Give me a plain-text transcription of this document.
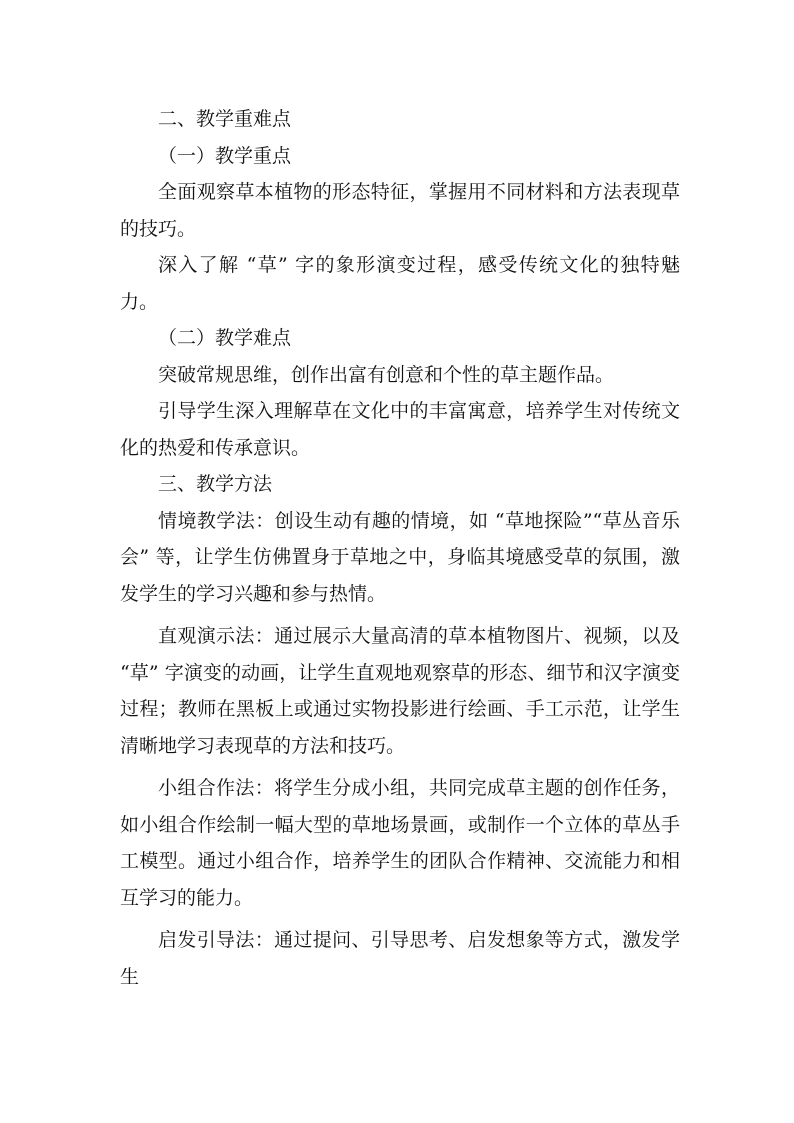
二、教学重难点

（一）教学重点

全面观察草本植物的形态特征，掌握用不同材料和方法表现草的技巧。

深入了解 “草” 字的象形演变过程，感受传统文化的独特魅力。

（二）教学难点

突破常规思维，创作出富有创意和个性的草主题作品。

引导学生深入理解草在文化中的丰富寓意，培养学生对传统文化的热爱和传承意识。

三、教学方法

情境教学法：创设生动有趣的情境，如 “草地探险”“草丛音乐会” 等，让学生仿佛置身于草地之中，身临其境感受草的氛围，激发学生的学习兴趣和参与热情。

直观演示法：通过展示大量高清的草本植物图片、视频，以及 “草” 字演变的动画，让学生直观地观察草的形态、细节和汉字演变过程；教师在黑板上或通过实物投影进行绘画、手工示范，让学生清晰地学习表现草的方法和技巧。

小组合作法：将学生分成小组，共同完成草主题的创作任务，如小组合作绘制一幅大型的草地场景画，或制作一个立体的草丛手工模型。通过小组合作，培养学生的团队合作精神、交流能力和相互学习的能力。

启发引导法：通过提问、引导思考、启发想象等方式，激发学生
